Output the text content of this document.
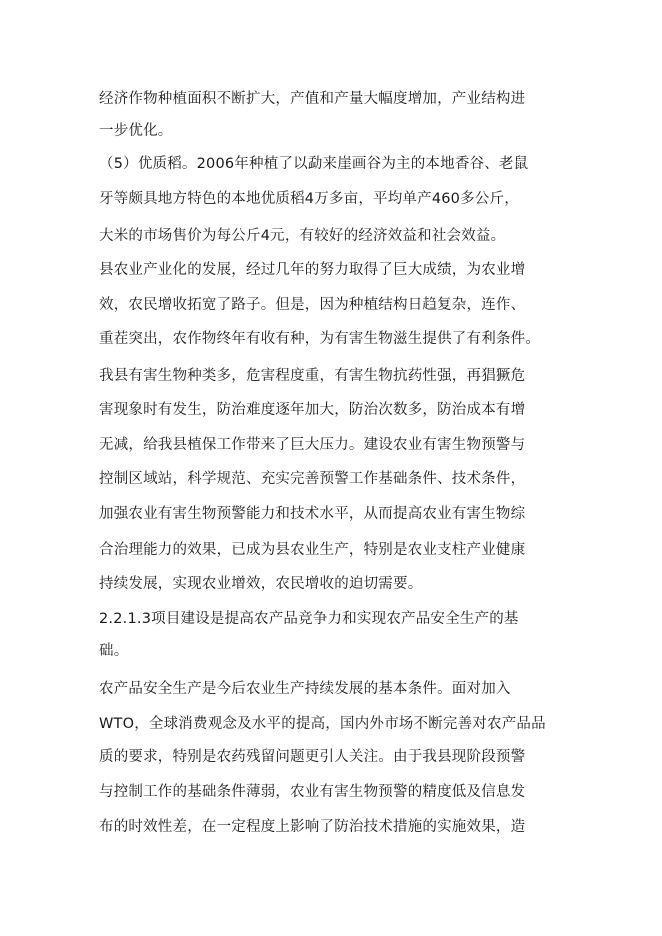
经济作物种植面积不断扩大，产值和产量大幅度增加，产业结构进
一步优化。
（5）优质稻。2006年种植了以勐来崖画谷为主的本地香谷、老鼠
牙等颇具地方特色的本地优质稻4万多亩，平均单产460多公斤，
大米的市场售价为每公斤4元，有较好的经济效益和社会效益。
县农业产业化的发展，经过几年的努力取得了巨大成绩，为农业增
效，农民增收拓宽了路子。但是，因为种植结构日趋复杂，连作、
重茬突出，农作物终年有收有种，为有害生物滋生提供了有利条件。
我县有害生物种类多，危害程度重，有害生物抗药性强，再猖獗危
害现象时有发生，防治难度逐年加大，防治次数多，防治成本有增
无减，给我县植保工作带来了巨大压力。建设农业有害生物预警与
控制区域站，科学规范、充实完善预警工作基础条件、技术条件，
加强农业有害生物预警能力和技术水平，从而提高农业有害生物综
合治理能力的效果，已成为县农业生产，特别是农业支柱产业健康
持续发展，实现农业增效，农民增收的迫切需要。
2.2.1.3项目建设是提高农产品竞争力和实现农产品安全生产的基
础。
农产品安全生产是今后农业生产持续发展的基本条件。面对加入
WTO，全球消费观念及水平的提高，国内外市场不断完善对农产品品
质的要求，特别是农药残留问题更引人关注。由于我县现阶段预警
与控制工作的基础条件薄弱，农业有害生物预警的精度低及信息发
布的时效性差，在一定程度上影响了防治技术措施的实施效果，造
